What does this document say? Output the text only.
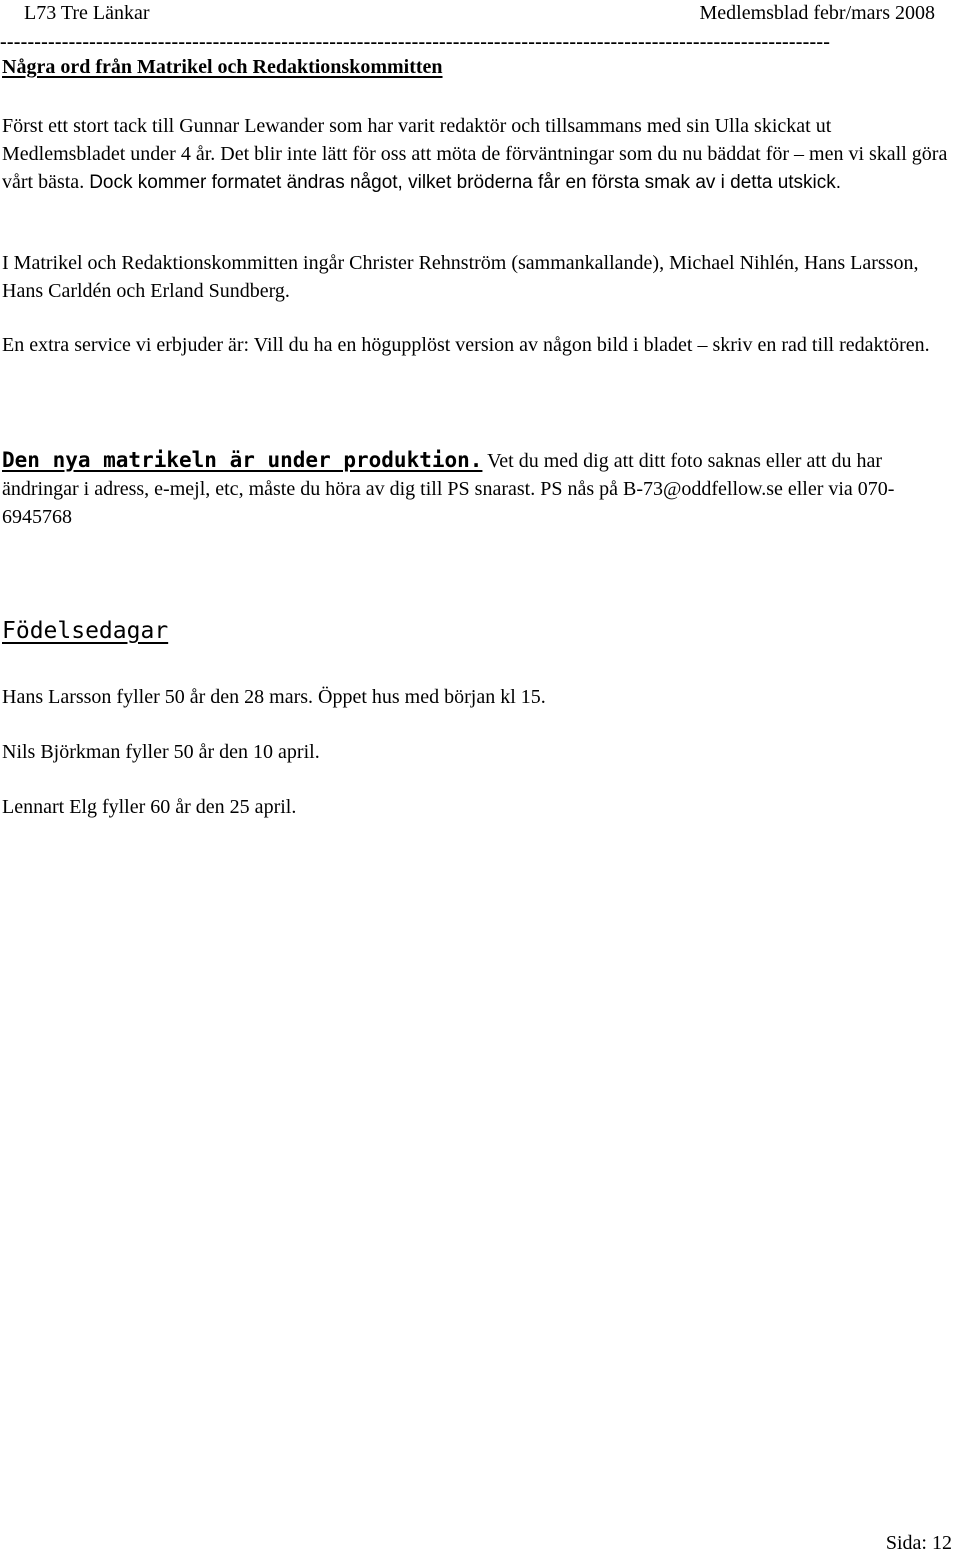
L73 Tre Länkar	Medlemsblad febr/mars 2008
-------------------------------------------------------------------------------------------------------------------------
Några ord från Matrikel och Redaktionskommitten
Först ett stort tack till Gunnar Lewander som har varit redaktör och tillsammans med sin Ulla skickat ut Medlemsbladet under 4 år. Det blir inte lätt för oss att möta de förväntningar som du nu bäddat för – men vi skall göra vårt bästa. Dock kommer formatet ändras något, vilket bröderna får en första smak av i detta utskick.
I Matrikel och Redaktionskommitten ingår Christer Rehnström (sammankallande), Michael Nihlén, Hans Larsson, Hans Carldén och Erland Sundberg.
En extra service vi erbjuder är: Vill du ha en högupplöst version av någon bild i bladet – skriv en rad till redaktören.
Den nya matrikeln är under produktion. Vet du med dig att ditt foto saknas eller att du har ändringar i adress, e-mejl, etc, måste du höra av dig till PS snarast. PS nås på B-73@oddfellow.se eller via 070-6945768
Födelsedagar
Hans Larsson fyller 50 år den 28 mars. Öppet hus med början kl 15.
Nils Björkman fyller 50 år den 10 april.
Lennart Elg fyller 60 år den 25 april.
Sida: 12
